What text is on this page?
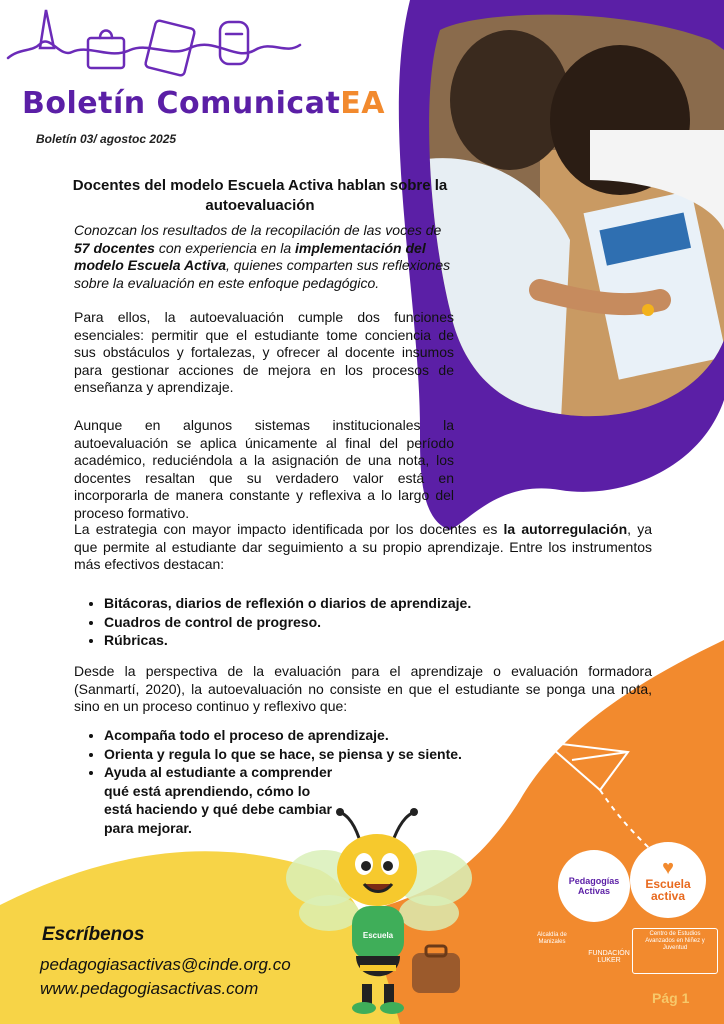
Boletín ComunicatEA
Boletín 03/ agostoc 2025
Docentes del modelo Escuela Activa hablan sobre la autoevaluación
Conozcan los resultados de la recopilación de las voces de 57 docentes con experiencia en la implementación del modelo Escuela Activa, quienes comparten sus reflexiones sobre la evaluación en este enfoque pedagógico.
Para ellos, la autoevaluación cumple dos funciones esenciales: permitir que el estudiante tome conciencia de sus obstáculos y fortalezas, y ofrecer al docente insumos para gestionar acciones de mejora en los procesos de enseñanza y aprendizaje.
Aunque en algunos sistemas institucionales la autoevaluación se aplica únicamente al final del período académico, reduciéndola a la asignación de una nota, los docentes resaltan que su verdadero valor está en incorporarla de manera constante y reflexiva a lo largo del proceso formativo.
La estrategia con mayor impacto identificada por los docentes es la autorregulación, ya que permite al estudiante dar seguimiento a su propio aprendizaje. Entre los instrumentos más efectivos destacan:
• Bitácoras, diarios de reflexión o diarios de aprendizaje.
• Cuadros de control de progreso.
• Rúbricas.
Desde la perspectiva de la evaluación para el aprendizaje o evaluación formadora (Sanmartí, 2020), la autoevaluación no consiste en que el estudiante se ponga una nota, sino en un proceso continuo y reflexivo que:
• Acompaña todo el proceso de aprendizaje.
• Orienta y regula lo que se hace, se piensa y se siente.
• Ayuda al estudiante a comprender qué está aprendiendo, cómo lo está haciendo y qué debe cambiar para mejorar.
Escuela
Pedagogías Activas
♥
Escuela activa
Alcaldía de Manizales
FUNDACIÓN LUKER
Centro de Estudios Avanzados en Niñez y Juventud
Escríbenos
pedagogiasactivas@cinde.org.co
www.pedagogiasactivas.com	Pág 1
